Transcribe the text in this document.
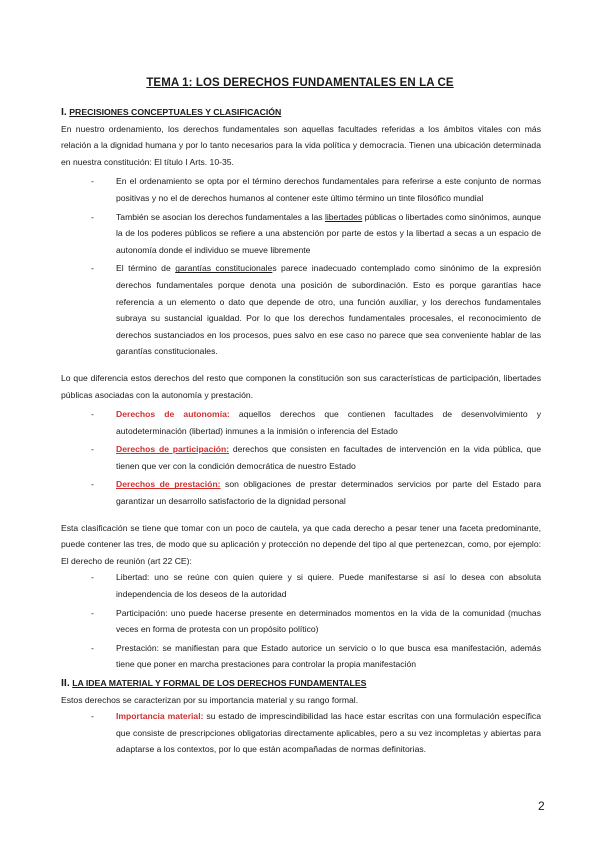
TEMA 1: LOS DERECHOS FUNDAMENTALES EN LA CE
I. PRECISIONES CONCEPTUALES Y CLASIFICACIÓN

En nuestro ordenamiento, los derechos fundamentales son aquellas facultades referidas a los ámbitos vitales con más relación a la dignidad humana y por lo tanto necesarios para la vida política y democracia. Tienen una ubicación determinada en nuestra constitución: El título I Arts. 10-35.

-	En el ordenamiento se opta por el término derechos fundamentales para referirse a este conjunto de normas positivas y no el de derechos humanos al contener este último término un tinte filosófico mundial
-	También se asocian los derechos fundamentales a las libertades públicas o libertades como sinónimos, aunque la de los poderes públicos se refiere a una abstención por parte de estos y la libertad a secas a un espacio de autonomía donde el individuo se mueve libremente
-	El término de garantías constitucionales parece inadecuado contemplado como sinónimo de la expresión derechos fundamentales porque denota una posición de subordinación. Esto es porque garantías hace referencia a un elemento o dato que depende de otro, una función auxiliar, y los derechos fundamentales subraya su sustancial igualdad. Por lo que los derechos fundamentales procesales, el reconocimiento de derechos sustanciados en los procesos, pues salvo en ese caso no parece que sea conveniente hablar de las garantías constitucionales.

Lo que diferencia estos derechos del resto que componen la constitución son sus características de participación, libertades públicas asociadas con la autonomía y prestación.

-	Derechos de autonomía: aquellos derechos que contienen facultades de desenvolvimiento y autodeterminación (libertad) inmunes a la inmisión o inferencia del Estado
-	Derechos de participación: derechos que consisten en facultades de intervención en la vida pública, que tienen que ver con la condición democrática de nuestro Estado
-	Derechos de prestación: son obligaciones de prestar determinados servicios por parte del Estado para garantizar un desarrollo satisfactorio de la dignidad personal

Esta clasificación se tiene que tomar con un poco de cautela, ya que cada derecho a pesar tener una faceta predominante, puede contener las tres, de modo que su aplicación y protección no depende del tipo al que pertenezcan, como, por ejemplo: El derecho de reunión (art 22 CE):

-	Libertad: uno se reúne con quien quiere y si quiere. Puede manifestarse si así lo desea con absoluta independencia de los deseos de la autoridad
-	Participación: uno puede hacerse presente en determinados momentos en la vida de la comunidad (muchas veces en forma de protesta con un propósito político)
-	Prestación: se manifiestan para que Estado autorice un servicio o lo que busca esa manifestación, además tiene que poner en marcha prestaciones para controlar la propia manifestación
II. LA IDEA MATERIAL Y FORMAL DE LOS DERECHOS FUNDAMENTALES

Estos derechos se caracterizan por su importancia material y su rango formal.

-	Importancia material: su estado de imprescindibilidad las hace estar escritas con una formulación específica que consiste de prescripciones obligatorias directamente aplicables, pero a su vez incompletas y abiertas para adaptarse a los contextos, por lo que están acompañadas de normas definitorias.
2
